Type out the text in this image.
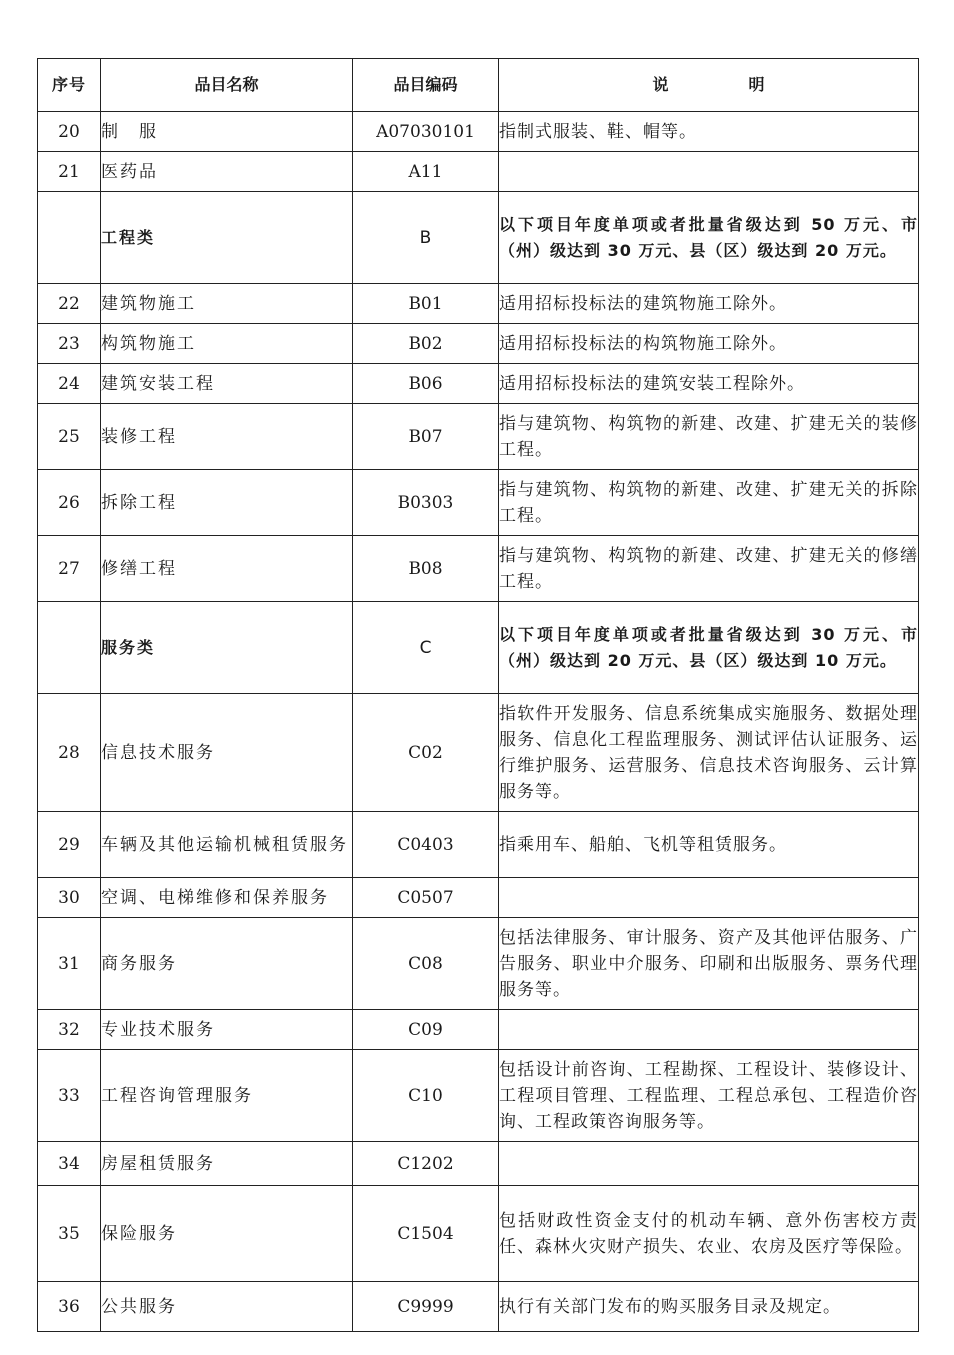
序号	品目名称	品目编码	说明
20	制　服	A07030101	指制式服装、鞋、帽等。
21	医药品	A11	
	工程类	B	以下项目年度单项或者批量省级达到 50 万元、市（州）级达到 30 万元、县（区）级达到 20 万元。
22	建筑物施工	B01	适用招标投标法的建筑物施工除外。
23	构筑物施工	B02	适用招标投标法的构筑物施工除外。
24	建筑安装工程	B06	适用招标投标法的建筑安装工程除外。
25	装修工程	B07	指与建筑物、构筑物的新建、改建、扩建无关的装修工程。
26	拆除工程	B0303	指与建筑物、构筑物的新建、改建、扩建无关的拆除工程。
27	修缮工程	B08	指与建筑物、构筑物的新建、改建、扩建无关的修缮工程。
	服务类	C	以下项目年度单项或者批量省级达到 30 万元、市（州）级达到 20 万元、县（区）级达到 10 万元。
28	信息技术服务	C02	指软件开发服务、信息系统集成实施服务、数据处理服务、信息化工程监理服务、测试评估认证服务、运行维护服务、运营服务、信息技术咨询服务、云计算服务等。
29	车辆及其他运输机械租赁服务	C0403	指乘用车、船舶、飞机等租赁服务。
30	空调、电梯维修和保养服务	C0507	
31	商务服务	C08	包括法律服务、审计服务、资产及其他评估服务、广告服务、职业中介服务、印刷和出版服务、票务代理服务等。
32	专业技术服务	C09	
33	工程咨询管理服务	C10	包括设计前咨询、工程勘探、工程设计、装修设计、工程项目管理、工程监理、工程总承包、工程造价咨询、工程政策咨询服务等。
34	房屋租赁服务	C1202	
35	保险服务	C1504	包括财政性资金支付的机动车辆、意外伤害校方责任、森林火灾财产损失、农业、农房及医疗等保险。
36	公共服务	C9999	执行有关部门发布的购买服务目录及规定。
